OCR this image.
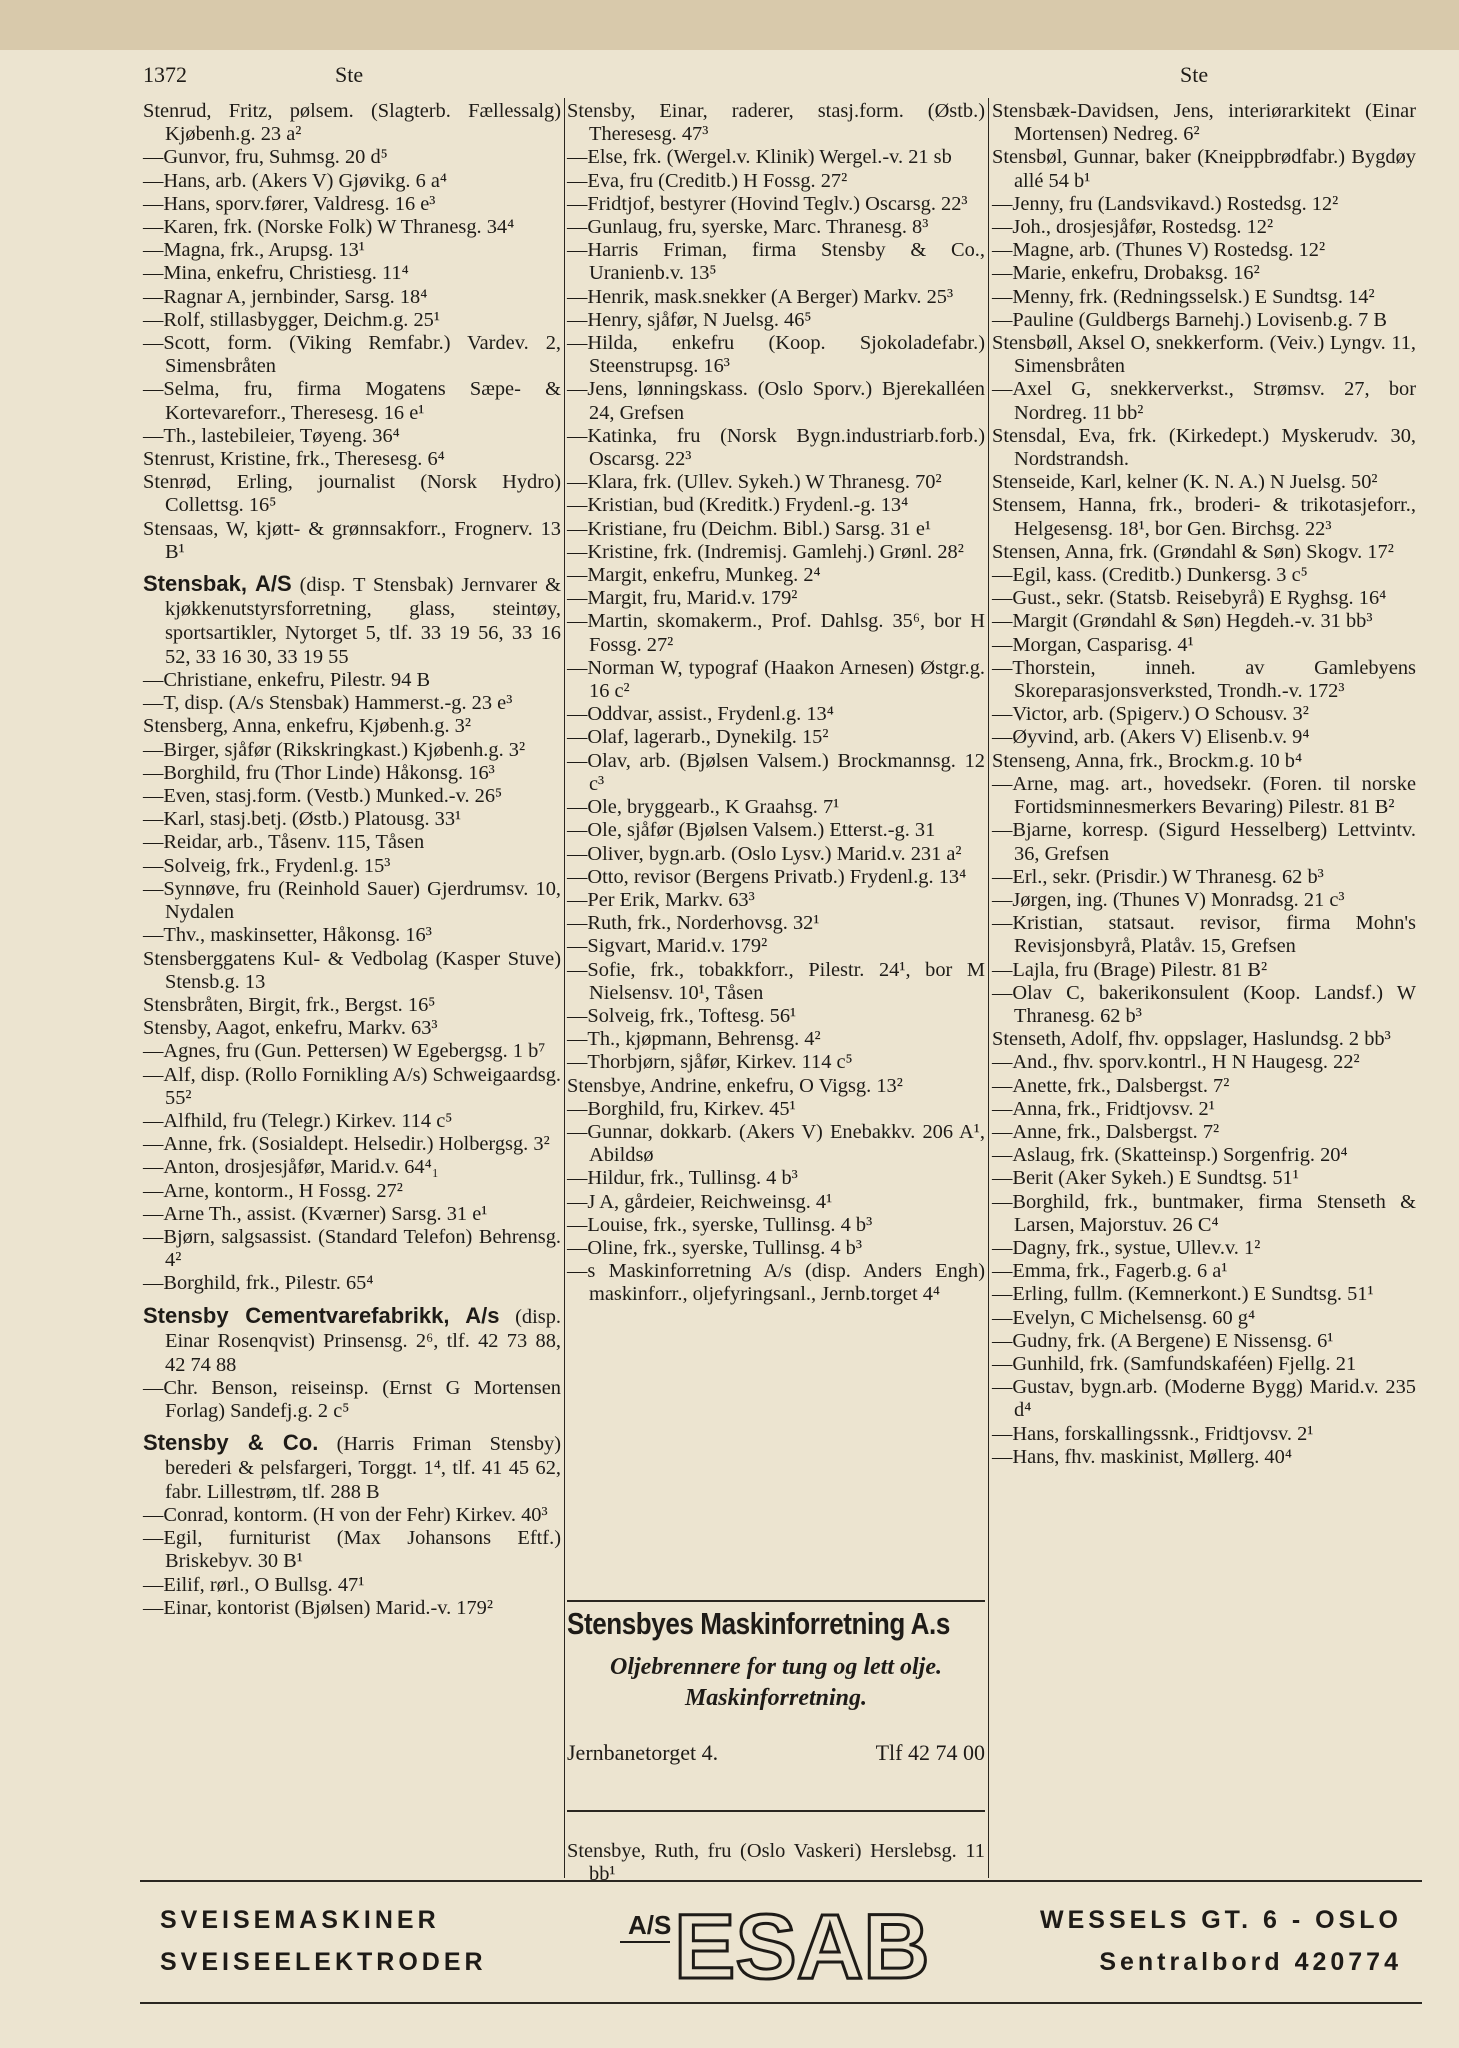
1372	Ste	Ste
Stenrud, Fritz, pølsem. (Slagterb. Fællessalg) Kjøbenh.g. 23 a²
—Gunvor, fru, Suhmsg. 20 d⁵
—Hans, arb. (Akers V) Gjøvikg. 6 a⁴
—Hans, sporv.fører, Valdresg. 16 e³
—Karen, frk. (Norske Folk) W Thranesg. 34⁴
—Magna, frk., Arupsg. 13¹
—Mina, enkefru, Christiesg. 11⁴
—Ragnar A, jernbinder, Sarsg. 18⁴
—Rolf, stillasbygger, Deichm.g. 25¹
—Scott, form. (Viking Remfabr.) Vardev. 2, Simensbråten
—Selma, fru, firma Mogatens Sæpe- & Kortevareforr., Theresesg. 16 e¹
—Th., lastebileier, Tøyeng. 36⁴
Stenrust, Kristine, frk., Theresesg. 6⁴
Stenrød, Erling, journalist (Norsk Hydro) Collettsg. 16⁵
Stensaas, W, kjøtt- & grønnsakforr., Frognerv. 13 B¹
Stensbak, A/S (disp. T Stensbak) Jernvarer & kjøkkenutstyrsforretning, glass, steintøy, sportsartikler, Nytorget 5, tlf. 33 19 56, 33 16 52, 33 16 30, 33 19 55
—Christiane, enkefru, Pilestr. 94 B
—T, disp. (A/s Stensbak) Hammerst.-g. 23 e³
Stensberg, Anna, enkefru, Kjøbenh.g. 3²
—Birger, sjåfør (Rikskringkast.) Kjøbenh.g. 3²
—Borghild, fru (Thor Linde) Håkonsg. 16³
—Even, stasj.form. (Vestb.) Munked.-v. 26⁵
—Karl, stasj.betj. (Østb.) Platousg. 33¹
—Reidar, arb., Tåsenv. 115, Tåsen
—Solveig, frk., Frydenl.g. 15³
—Synnøve, fru (Reinhold Sauer) Gjerdrumsv. 10, Nydalen
—Thv., maskinsetter, Håkonsg. 16³
Stensberggatens Kul- & Vedbolag (Kasper Stuve) Stensb.g. 13
Stensbråten, Birgit, frk., Bergst. 16⁵
Stensby, Aagot, enkefru, Markv. 63³
—Agnes, fru (Gun. Pettersen) W Egebergsg. 1 b⁷
—Alf, disp. (Rollo Fornikling A/s) Schweigaardsg. 55²
—Alfhild, fru (Telegr.) Kirkev. 114 c⁵
—Anne, frk. (Sosialdept. Helsedir.) Holbergsg. 3²
—Anton, drosjesjåfør, Marid.v. 64⁴₁
—Arne, kontorm., H Fossg. 27²
—Arne Th., assist. (Kværner) Sarsg. 31 e¹
—Bjørn, salgsassist. (Standard Telefon) Behrensg. 4²
—Borghild, frk., Pilestr. 65⁴
Stensby Cementvarefabrikk, A/s (disp. Einar Rosenqvist) Prinsensg. 2⁶, tlf. 42 73 88, 42 74 88
—Chr. Benson, reiseinsp. (Ernst G Mortensen Forlag) Sandefj.g. 2 c⁵
Stensby & Co. (Harris Friman Stensby) berederi & pelsfargeri, Torggt. 1⁴, tlf. 41 45 62, fabr. Lillestrøm, tlf. 288 B
—Conrad, kontorm. (H von der Fehr) Kirkev. 40³
—Egil, furniturist (Max Johansons Eftf.) Briskebyv. 30 B¹
—Eilif, rørl., O Bullsg. 47¹
—Einar, kontorist (Bjølsen) Marid.-v. 179²
Stensby, Einar, raderer, stasj.form. (Østb.) Theresesg. 47³
—Else, frk. (Wergel.v. Klinik) Wergel.-v. 21 sb
—Eva, fru (Creditb.) H Fossg. 27²
—Fridtjof, bestyrer (Hovind Teglv.) Oscarsg. 22³
—Gunlaug, fru, syerske, Marc. Thranesg. 8³
—Harris Friman, firma Stensby & Co., Uranienb.v. 13⁵
—Henrik, mask.snekker (A Berger) Markv. 25³
—Henry, sjåfør, N Juelsg. 46⁵
—Hilda, enkefru (Koop. Sjokoladefabr.) Steenstrupsg. 16³
—Jens, lønningskass. (Oslo Sporv.) Bjerekalléen 24, Grefsen
—Katinka, fru (Norsk Bygn.industriarb.forb.) Oscarsg. 22³
—Klara, frk. (Ullev. Sykeh.) W Thranesg. 70²
—Kristian, bud (Kreditk.) Frydenl.-g. 13⁴
—Kristiane, fru (Deichm. Bibl.) Sarsg. 31 e¹
—Kristine, frk. (Indremisj. Gamlehj.) Grønl. 28²
—Margit, enkefru, Munkeg. 2⁴
—Margit, fru, Marid.v. 179²
—Martin, skomakerm., Prof. Dahlsg. 35⁶, bor H Fossg. 27²
—Norman W, typograf (Haakon Arnesen) Østgr.g. 16 c²
—Oddvar, assist., Frydenl.g. 13⁴
—Olaf, lagerarb., Dynekilg. 15²
—Olav, arb. (Bjølsen Valsem.) Brockmannsg. 12 c³
—Ole, bryggearb., K Graahsg. 7¹
—Ole, sjåfør (Bjølsen Valsem.) Etterst.-g. 31
—Oliver, bygn.arb. (Oslo Lysv.) Marid.v. 231 a²
—Otto, revisor (Bergens Privatb.) Frydenl.g. 13⁴
—Per Erik, Markv. 63³
—Ruth, frk., Norderhovsg. 32¹
—Sigvart, Marid.v. 179²
—Sofie, frk., tobakkforr., Pilestr. 24¹, bor M Nielsensv. 10¹, Tåsen
—Solveig, frk., Toftesg. 56¹
—Th., kjøpmann, Behrensg. 4²
—Thorbjørn, sjåfør, Kirkev. 114 c⁵
Stensbye, Andrine, enkefru, O Vigsg. 13²
—Borghild, fru, Kirkev. 45¹
—Gunnar, dokkarb. (Akers V) Enebakkv. 206 A¹, Abildsø
—Hildur, frk., Tullinsg. 4 b³
—J A, gårdeier, Reichweinsg. 4¹
—Louise, frk., syerske, Tullinsg. 4 b³
—Oline, frk., syerske, Tullinsg. 4 b³
—s Maskinforretning A/s (disp. Anders Engh) maskinforr., oljefyringsanl., Jernb.torget 4⁴
Stensbyes Maskinforretning A.s
Oljebrennere for tung og lett olje.
Maskinforretning.
Jernbanetorget 4.	Tlf 42 74 00
Stensbye, Ruth, fru (Oslo Vaskeri) Herslebsg. 11 bb¹
Stensbæk-Davidsen, Jens, interiørarkitekt (Einar Mortensen) Nedreg. 6²
Stensbøl, Gunnar, baker (Kneippbrødfabr.) Bygdøy allé 54 b¹
—Jenny, fru (Landsvikavd.) Rostedsg. 12²
—Joh., drosjesjåfør, Rostedsg. 12²
—Magne, arb. (Thunes V) Rostedsg. 12²
—Marie, enkefru, Drobaksg. 16²
—Menny, frk. (Redningsselsk.) E Sundtsg. 14²
—Pauline (Guldbergs Barnehj.) Lovisenb.g. 7 B
Stensbøll, Aksel O, snekkerform. (Veiv.) Lyngv. 11, Simensbråten
—Axel G, snekkerverkst., Strømsv. 27, bor Nordreg. 11 bb²
Stensdal, Eva, frk. (Kirkedept.) Myskerudv. 30, Nordstrandsh.
Stenseide, Karl, kelner (K. N. A.) N Juelsg. 50²
Stensem, Hanna, frk., broderi- & trikotasjeforr., Helgesensg. 18¹, bor Gen. Birchsg. 22³
Stensen, Anna, frk. (Grøndahl & Søn) Skogv. 17²
—Egil, kass. (Creditb.) Dunkersg. 3 c⁵
—Gust., sekr. (Statsb. Reisebyrå) E Ryghsg. 16⁴
—Margit (Grøndahl & Søn) Hegdeh.-v. 31 bb³
—Morgan, Casparisg. 4¹
—Thorstein, inneh. av Gamlebyens Skoreparasjonsverksted, Trondh.-v. 172³
—Victor, arb. (Spigerv.) O Schousv. 3²
—Øyvind, arb. (Akers V) Elisenb.v. 9⁴
Stenseng, Anna, frk., Brockm.g. 10 b⁴
—Arne, mag. art., hovedsekr. (Foren. til norske Fortidsminnesmerkers Bevaring) Pilestr. 81 B²
—Bjarne, korresp. (Sigurd Hesselberg) Lettvintv. 36, Grefsen
—Erl., sekr. (Prisdir.) W Thranesg. 62 b³
—Jørgen, ing. (Thunes V) Monradsg. 21 c³
—Kristian, statsaut. revisor, firma Mohn's Revisjonsbyrå, Platåv. 15, Grefsen
—Lajla, fru (Brage) Pilestr. 81 B²
—Olav C, bakerikonsulent (Koop. Landsf.) W Thranesg. 62 b³
Stenseth, Adolf, fhv. oppslager, Haslundsg. 2 bb³
—And., fhv. sporv.kontrl., H N Haugesg. 22²
—Anette, frk., Dalsbergst. 7²
—Anna, frk., Fridtjovsv. 2¹
—Anne, frk., Dalsbergst. 7²
—Aslaug, frk. (Skatteinsp.) Sorgenfrig. 20⁴
—Berit (Aker Sykeh.) E Sundtsg. 51¹
—Borghild, frk., buntmaker, firma Stenseth & Larsen, Majorstuv. 26 C⁴
—Dagny, frk., systue, Ullev.v. 1²
—Emma, frk., Fagerb.g. 6 a¹
—Erling, fullm. (Kemnerkont.) E Sundtsg. 51¹
—Evelyn, C Michelsensg. 60 g⁴
—Gudny, frk. (A Bergene) E Nissensg. 6¹
—Gunhild, frk. (Samfundskaféen) Fjellg. 21
—Gustav, bygn.arb. (Moderne Bygg) Marid.v. 235 d⁴
—Hans, forskallingssnk., Fridtjovsv. 2¹
—Hans, fhv. maskinist, Møllerg. 40⁴
SVEISEMASKINER
SVEISEELEKTRODER
A/S ESAB	WESSELS GT. 6 - OSLO
Sentralbord 420774
